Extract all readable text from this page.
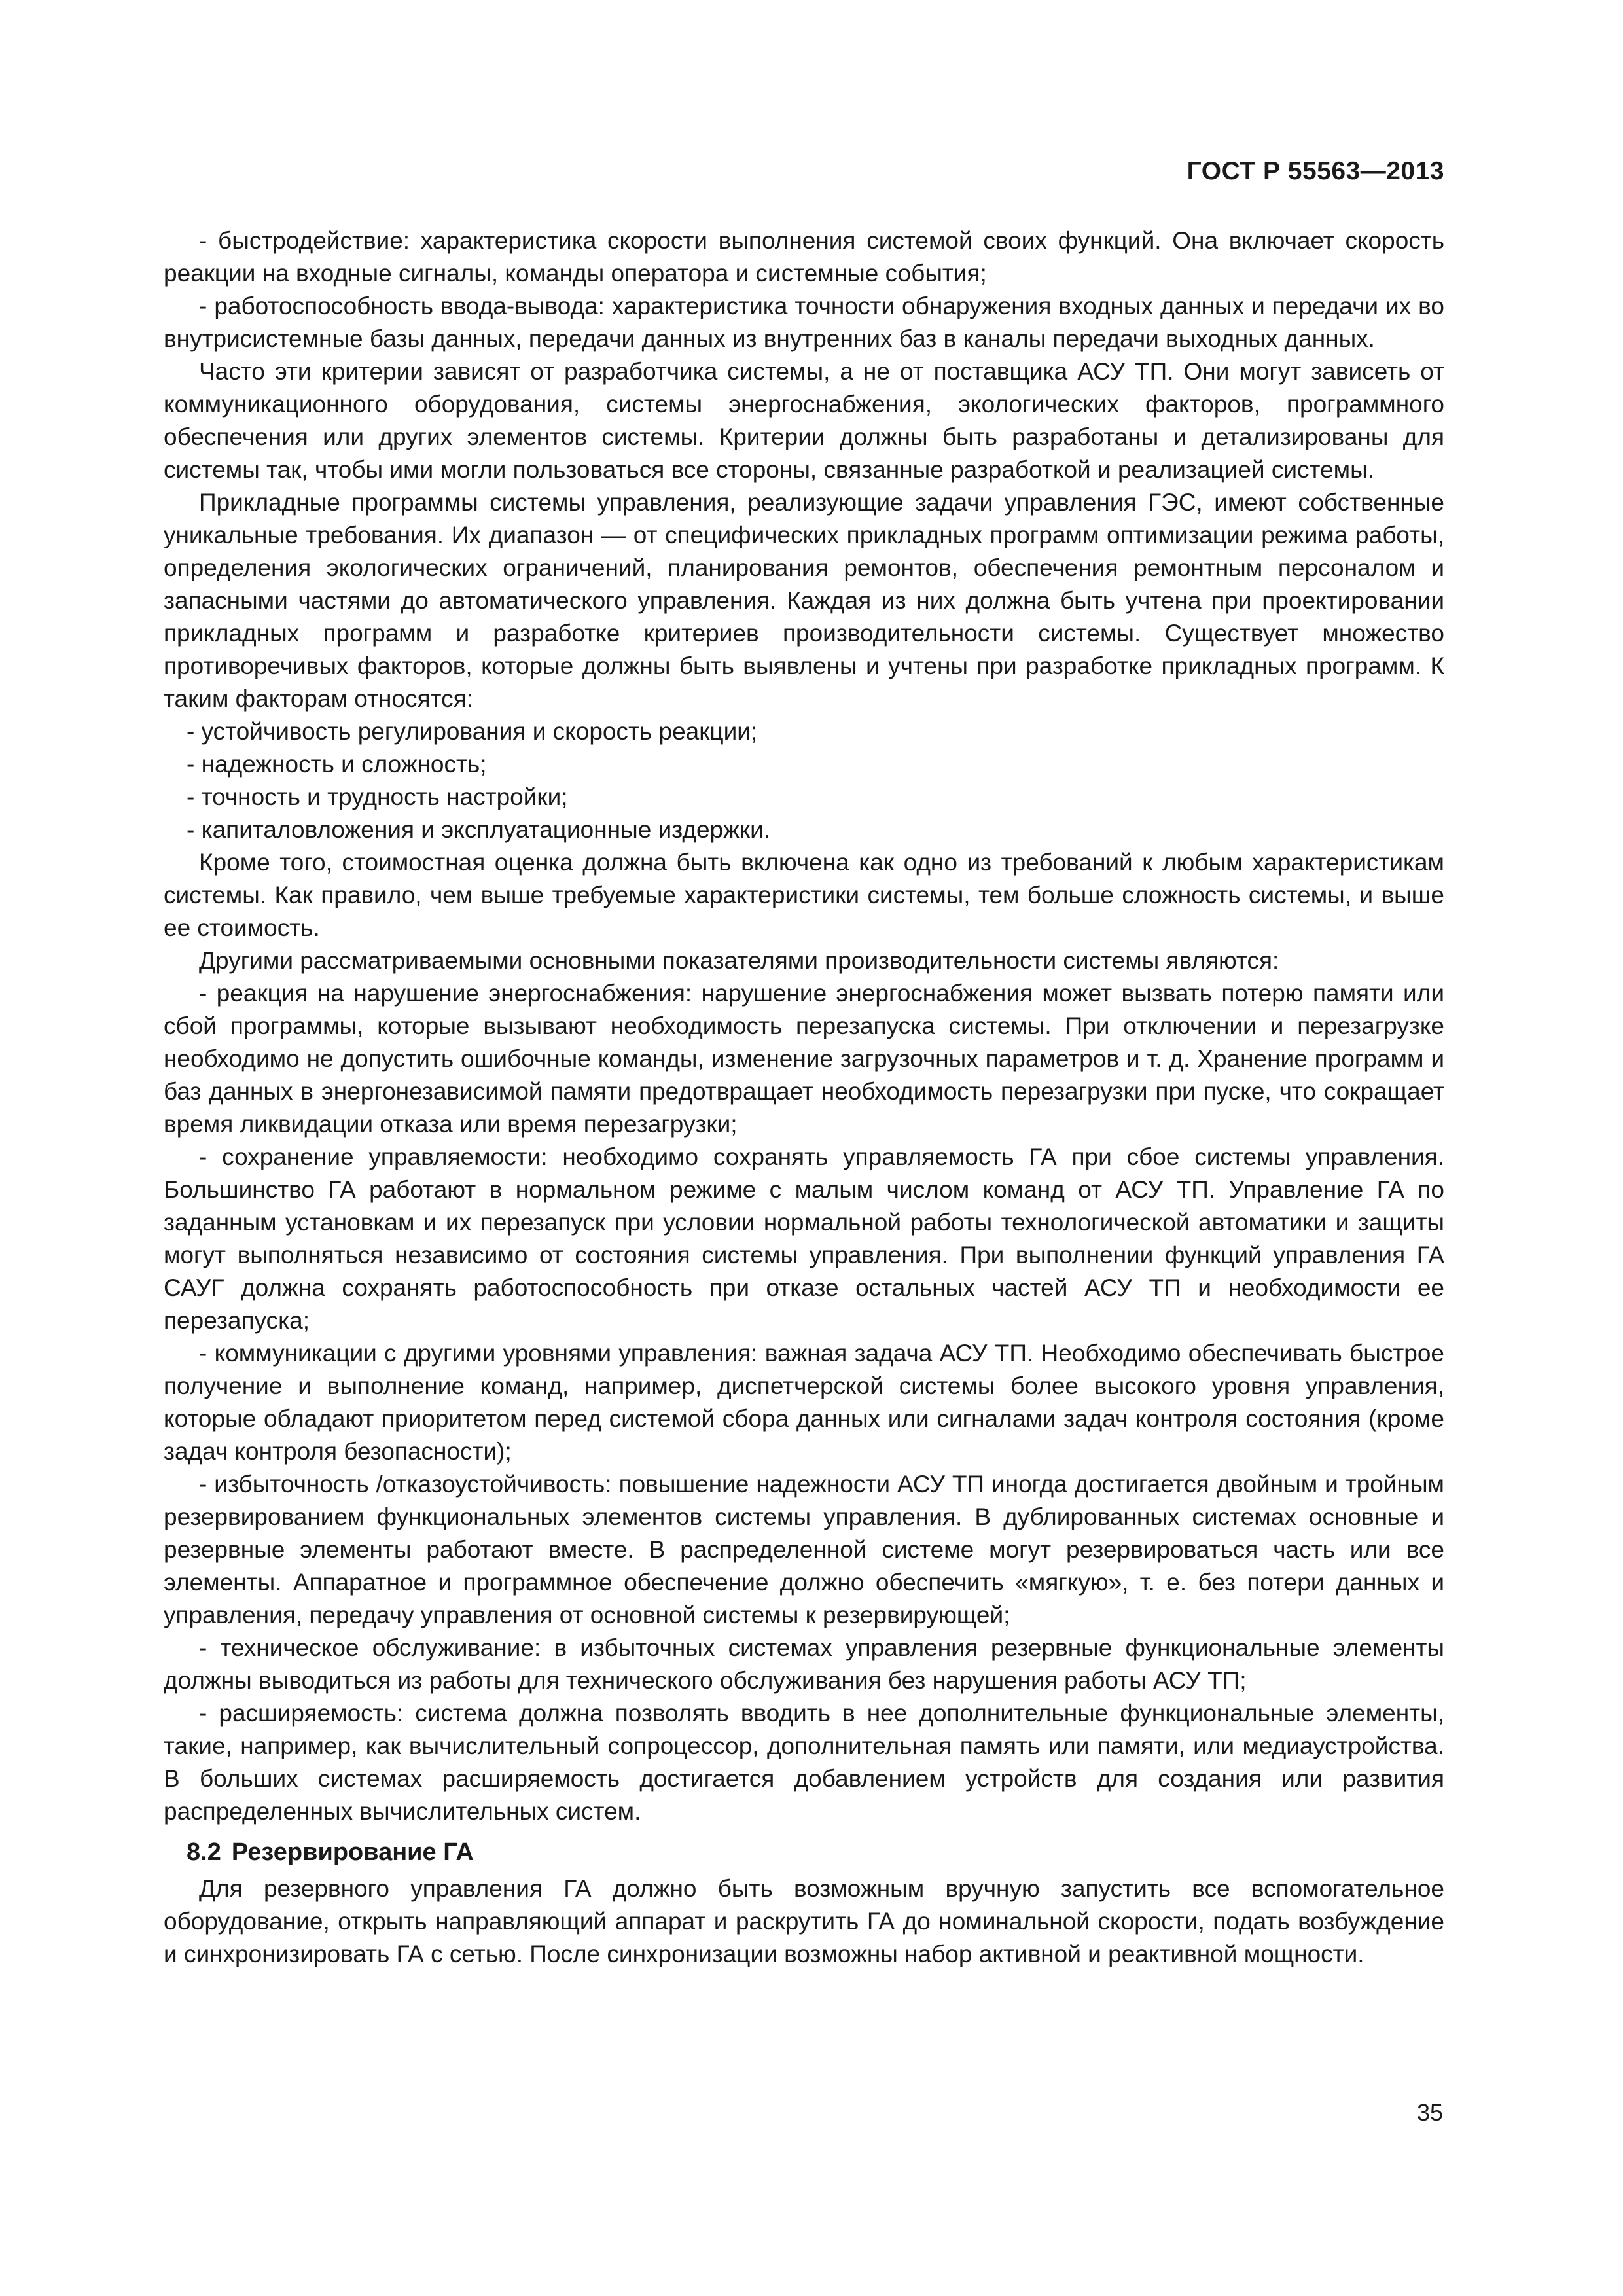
ГОСТ Р 55563—2013

- быстродействие: характеристика скорости выполнения системой своих функций. Она включает скорость реакции на входные сигналы, команды оператора и системные события;

- работоспособность ввода-вывода: характеристика точности обнаружения входных данных и передачи их во внутрисистемные базы данных, передачи данных из внутренних баз в каналы передачи выходных данных.

Часто эти критерии зависят от разработчика системы, а не от поставщика АСУ ТП. Они могут зависеть от коммуникационного оборудования, системы энергоснабжения, экологических факторов, программного обеспечения или других элементов системы. Критерии должны быть разработаны и детализированы для системы так, чтобы ими могли пользоваться все стороны, связанные разработкой и реализацией системы.

Прикладные программы системы управления, реализующие задачи управления ГЭС, имеют собственные уникальные требования. Их диапазон — от специфических прикладных программ оптимизации режима работы, определения экологических ограничений, планирования ремонтов, обеспечения ремонтным персоналом и запасными частями до автоматического управления. Каждая из них должна быть учтена при проектировании прикладных программ и разработке критериев производительности системы. Существует множество противоречивых факторов, которые должны быть выявлены и учтены при разработке прикладных программ. К таким факторам относятся:

- устойчивость регулирования и скорость реакции;

- надежность и сложность;

- точность и трудность настройки;

- капиталовложения и эксплуатационные издержки.

Кроме того, стоимостная оценка должна быть включена как одно из требований к любым характеристикам системы. Как правило, чем выше требуемые характеристики системы, тем больше сложность системы, и выше ее стоимость.

Другими рассматриваемыми основными показателями производительности системы являются:

- реакция на нарушение энергоснабжения: нарушение энергоснабжения может вызвать потерю памяти или сбой программы, которые вызывают необходимость перезапуска системы. При отключении и перезагрузке необходимо не допустить ошибочные команды, изменение загрузочных параметров и т. д. Хранение программ и баз данных в энергонезависимой памяти предотвращает необходимость перезагрузки при пуске, что сокращает время ликвидации отказа или время перезагрузки;

- сохранение управляемости: необходимо сохранять управляемость ГА при сбое системы управления. Большинство ГА работают в нормальном режиме с малым числом команд от АСУ ТП. Управление ГА по заданным установкам и их перезапуск при условии нормальной работы технологической автоматики и защиты могут выполняться независимо от состояния системы управления. При выполнении функций управления ГА САУГ должна сохранять работоспособность при отказе остальных частей АСУ ТП и необходимости ее перезапуска;

- коммуникации с другими уровнями управления: важная задача АСУ ТП. Необходимо обеспечивать быстрое получение и выполнение команд, например, диспетчерской системы более высокого уровня управления, которые обладают приоритетом перед системой сбора данных или сигналами задач контроля состояния (кроме задач контроля безопасности);

- избыточность /отказоустойчивость: повышение надежности АСУ ТП иногда достигается двойным и тройным резервированием функциональных элементов системы управления. В дублированных системах основные и резервные элементы работают вместе. В распределенной системе могут резервироваться часть или все элементы. Аппаратное и программное обеспечение должно обеспечить «мягкую», т. е. без потери данных и управления, передачу управления от основной системы к резервирующей;

- техническое обслуживание: в избыточных системах управления резервные функциональные элементы должны выводиться из работы для технического обслуживания без нарушения работы АСУ ТП;

- расширяемость: система должна позволять вводить в нее дополнительные функциональные элементы, такие, например, как вычислительный сопроцессор, дополнительная память или памяти, или медиаустройства. В больших системах расширяемость достигается добавлением устройств для создания или развития распределенных вычислительных систем.

8.2 Резервирование ГА

Для резервного управления ГА должно быть возможным вручную запустить все вспомогательное оборудование, открыть направляющий аппарат и раскрутить ГА до номинальной скорости, подать возбуждение и синхронизировать ГА с сетью. После синхронизации возможны набор активной и реактивной мощности.

35
